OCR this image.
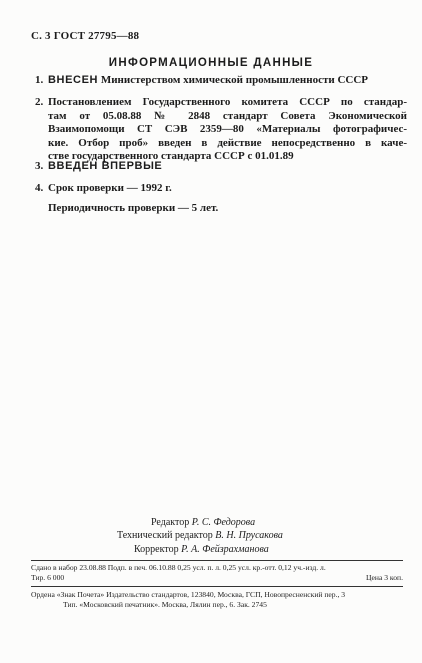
С. 3 ГОСТ 27795—88
ИНФОРМАЦИОННЫЕ ДАННЫЕ
1. ВНЕСЕН Министерством химической промышленности СССР
2. Постановлением Государственного комитета СССР по стандар-
там от 05.08.88 № 2848 стандарт Совета Экономической
Взаимопомощи СТ СЭВ 2359—80 «Материалы фотографичес-
кие. Отбор проб» введен в действие непосредственно в каче-
стве государственного стандарта СССР с 01.01.89
3. ВВЕДЕН ВПЕРВЫЕ
4. Срок проверки — 1992 г.
Периодичность проверки — 5 лет.
Редактор Р. С. Федорова
Технический редактор В. Н. Прусакова
Корректор Р. А. Фейзрахманова
Сдано в набор 23.08.88 Подп. в печ. 06.10.88 0,25 усл. п. л. 0,25 усл. кр.-отт. 0,12 уч.-изд. л.
Тир. 6 000	Цена 3 коп.
Ордена «Знак Почета» Издательство стандартов, 123840, Москва, ГСП, Новопресненский пер., 3
Тип. «Московский печатник». Москва, Лялин пер., 6. Зак. 2745
